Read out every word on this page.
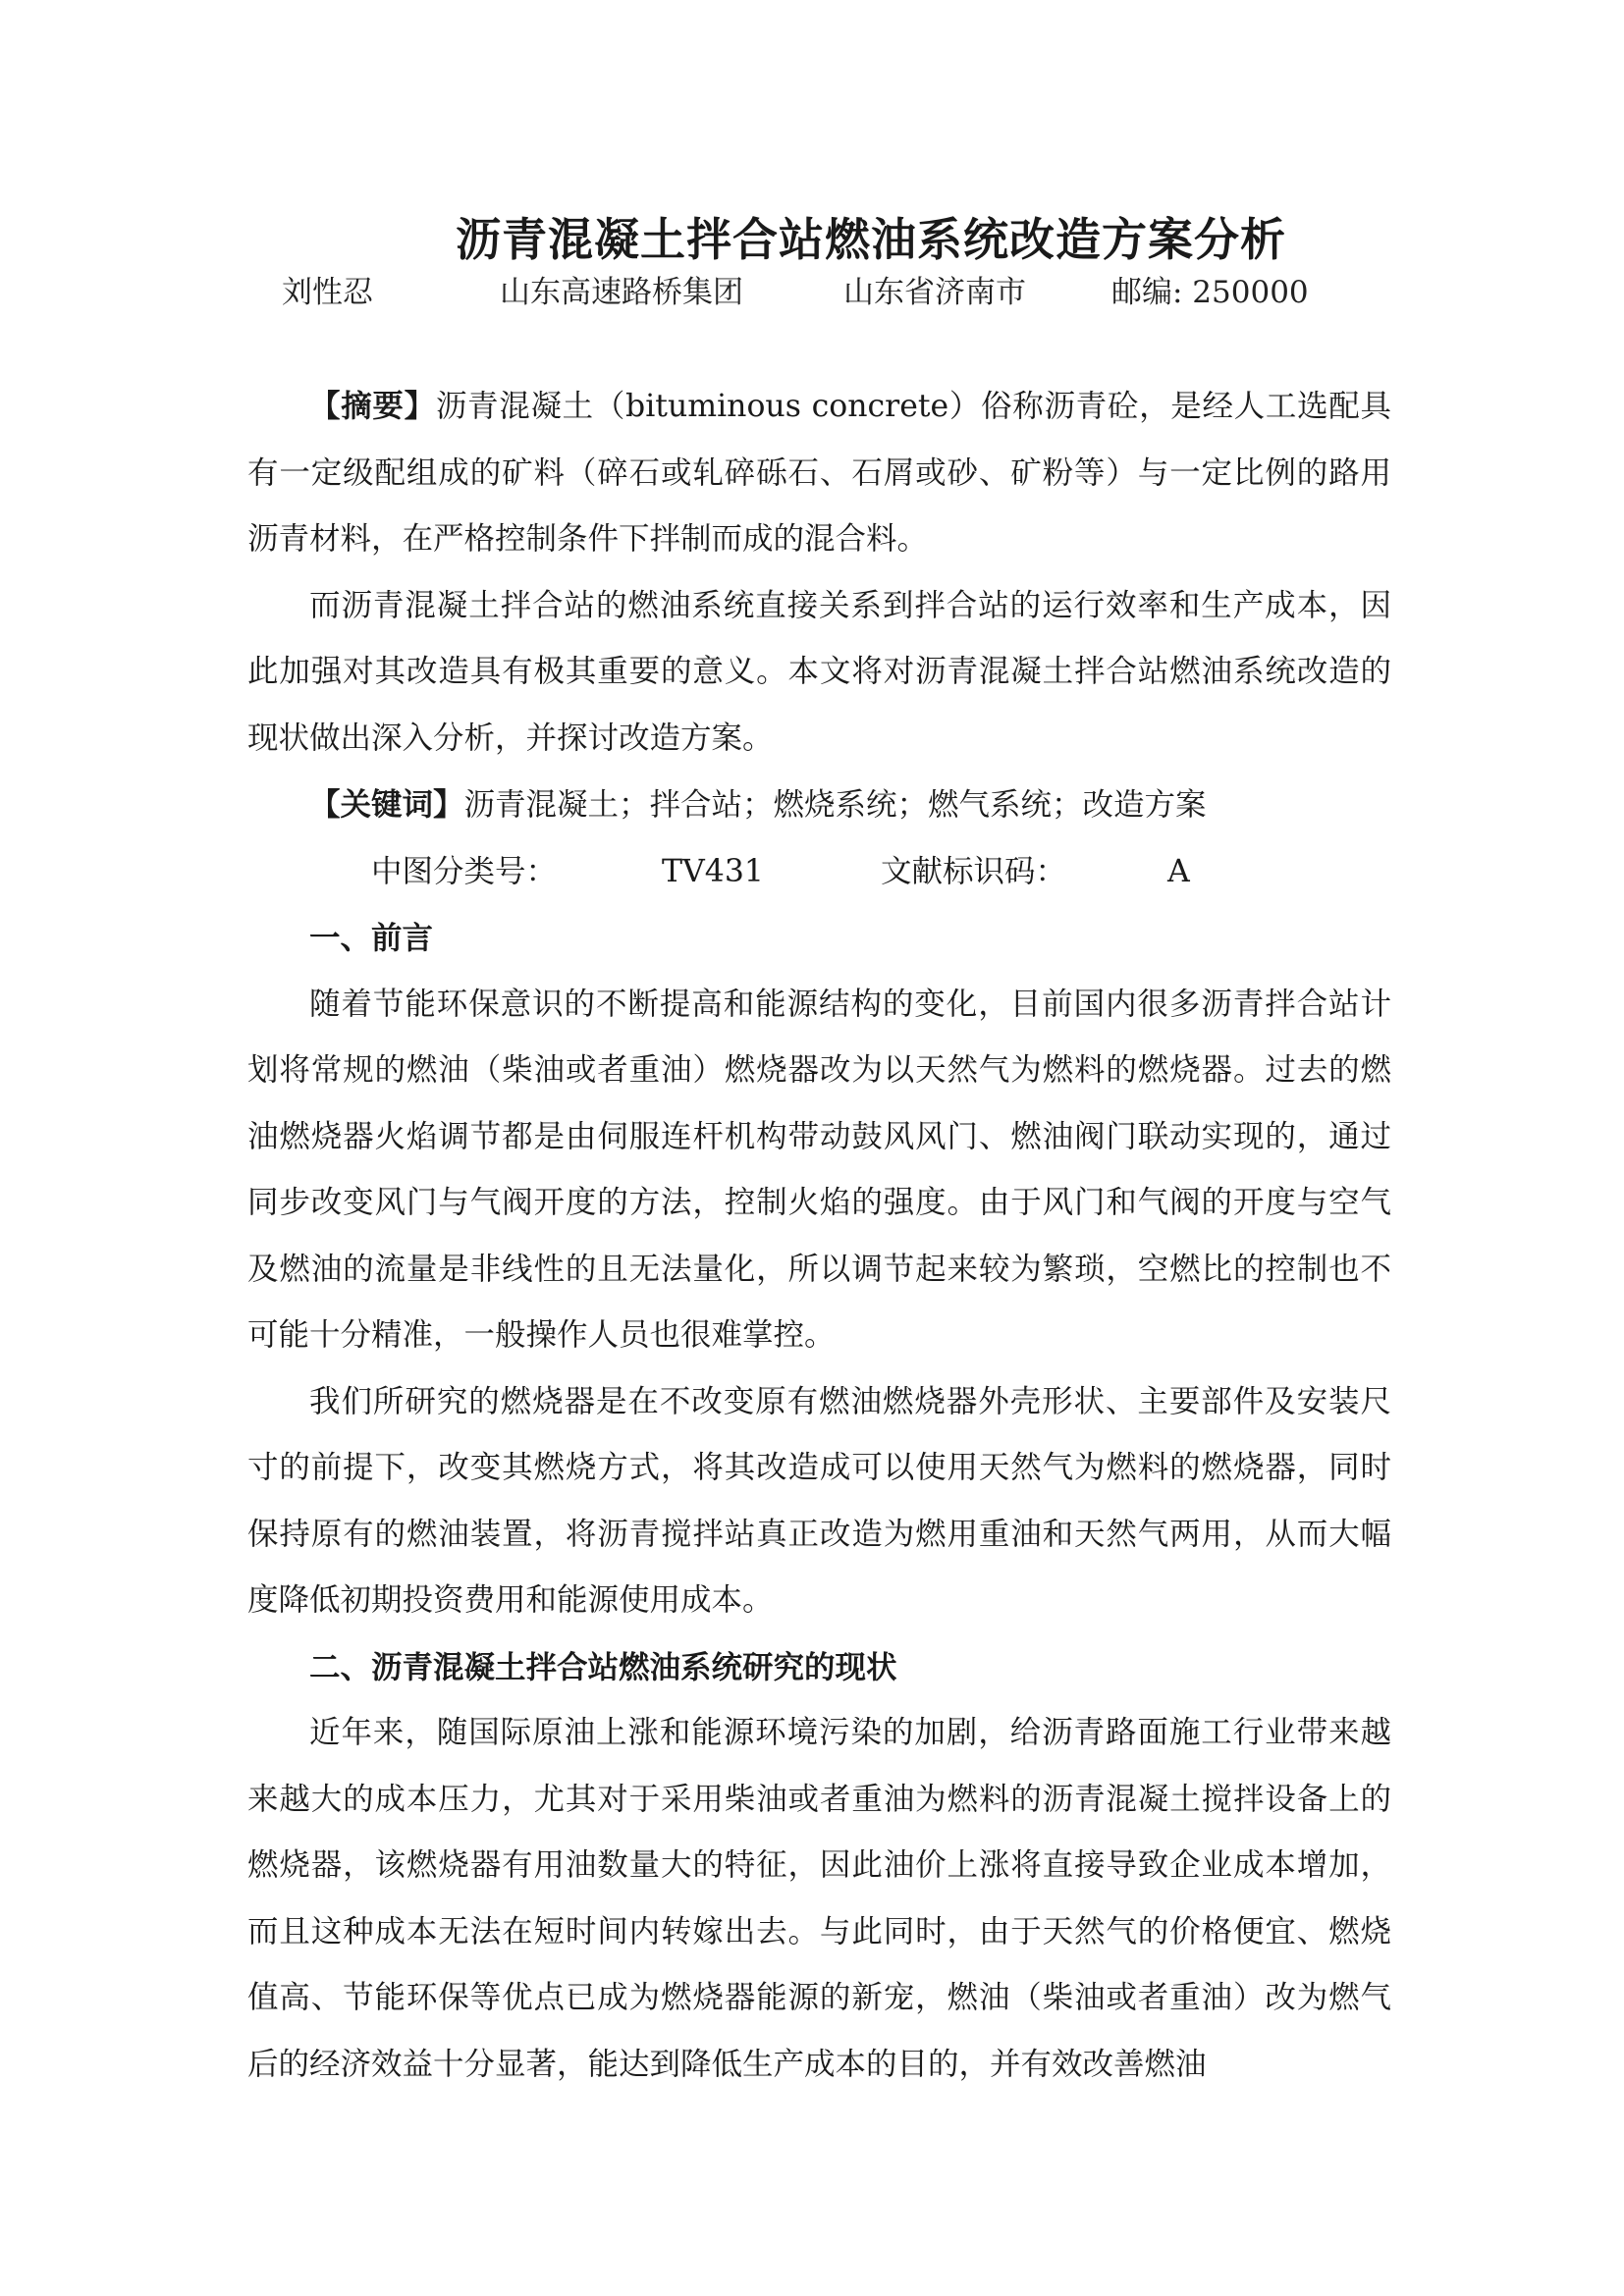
沥青混凝土拌合站燃油系统改造方案分析
刘性忍	山东高速路桥集团	山东省济南市	邮编: 250000

【摘要】沥青混凝土（bituminous concrete）俗称沥青砼，是经人工选配具有一定级配组成的矿料（碎石或轧碎砾石、石屑或砂、矿粉等）与一定比例的路用沥青材料，在严格控制条件下拌制而成的混合料。

而沥青混凝土拌合站的燃油系统直接关系到拌合站的运行效率和生产成本，因此加强对其改造具有极其重要的意义。本文将对沥青混凝土拌合站燃油系统改造的现状做出深入分析，并探讨改造方案。

【关键词】沥青混凝土；拌合站；燃烧系统；燃气系统；改造方案

中图分类号：	TV431	文献标识码：	A

一、前言

随着节能环保意识的不断提高和能源结构的变化，目前国内很多沥青拌合站计划将常规的燃油（柴油或者重油）燃烧器改为以天然气为燃料的燃烧器。过去的燃油燃烧器火焰调节都是由伺服连杆机构带动鼓风风门、燃油阀门联动实现的，通过同步改变风门与气阀开度的方法，控制火焰的强度。由于风门和气阀的开度与空气及燃油的流量是非线性的且无法量化，所以调节起来较为繁琐，空燃比的控制也不可能十分精准，一般操作人员也很难掌控。

我们所研究的燃烧器是在不改变原有燃油燃烧器外壳形状、主要部件及安装尺寸的前提下，改变其燃烧方式，将其改造成可以使用天然气为燃料的燃烧器，同时保持原有的燃油装置，将沥青搅拌站真正改造为燃用重油和天然气两用，从而大幅度降低初期投资费用和能源使用成本。

二、沥青混凝土拌合站燃油系统研究的现状

近年来，随国际原油上涨和能源环境污染的加剧，给沥青路面施工行业带来越来越大的成本压力，尤其对于采用柴油或者重油为燃料的沥青混凝土搅拌设备上的燃烧器，该燃烧器有用油数量大的特征，因此油价上涨将直接导致企业成本增加，而且这种成本无法在短时间内转嫁出去。与此同时，由于天然气的价格便宜、燃烧值高、节能环保等优点已成为燃烧器能源的新宠，燃油（柴油或者重油）改为燃气后的经济效益十分显著，能达到降低生产成本的目的，并有效改善燃油
